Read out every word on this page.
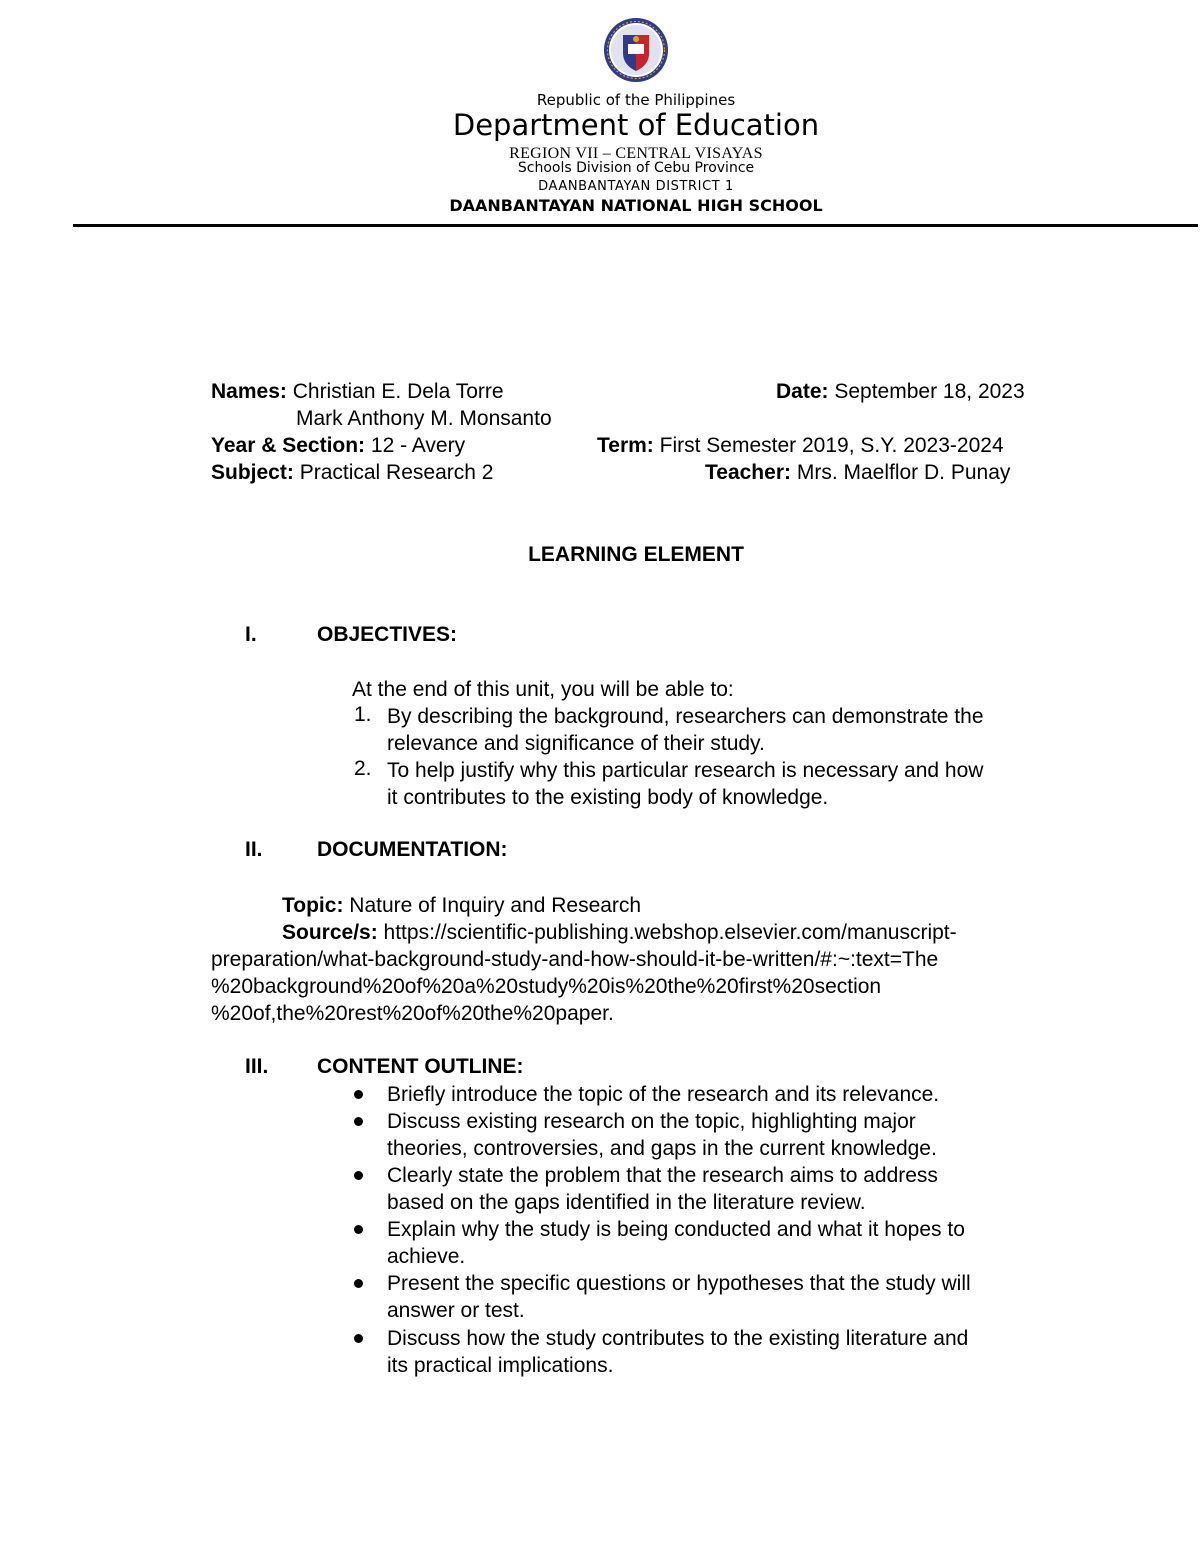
Republic of the Philippines
Department of Education
REGION VII – CENTRAL VISAYAS
Schools Division of Cebu Province
DAANBANTAYAN DISTRICT 1
DAANBANTAYAN NATIONAL HIGH SCHOOL
Names: Christian E. Dela Torre
Mark Anthony M. Monsanto
Date: September 18, 2023
Year & Section: 12 - Avery	Term: First Semester 2019, S.Y. 2023-2024
Subject: Practical Research 2	Teacher: Mrs. Maelflor D. Punay
LEARNING ELEMENT
I.	OBJECTIVES:
At the end of this unit, you will be able to:
1. By describing the background, researchers can demonstrate the
relevance and significance of their study.
2. To help justify why this particular research is necessary and how
it contributes to the existing body of knowledge.
II.	DOCUMENTATION:
Topic: Nature of Inquiry and Research
Source/s: https://scientific-publishing.webshop.elsevier.com/manuscript-
preparation/what-background-study-and-how-should-it-be-written/#:~:text=The
%20background%20of%20a%20study%20is%20the%20first%20section
%20of,the%20rest%20of%20the%20paper.
III. CONTENT OUTLINE:
Briefly introduce the topic of the research and its relevance.
Discuss existing research on the topic, highlighting major
theories, controversies, and gaps in the current knowledge.
Clearly state the problem that the research aims to address
based on the gaps identified in the literature review.
Explain why the study is being conducted and what it hopes to
achieve.
Present the specific questions or hypotheses that the study will
answer or test.
Discuss how the study contributes to the existing literature and
its practical implications.
